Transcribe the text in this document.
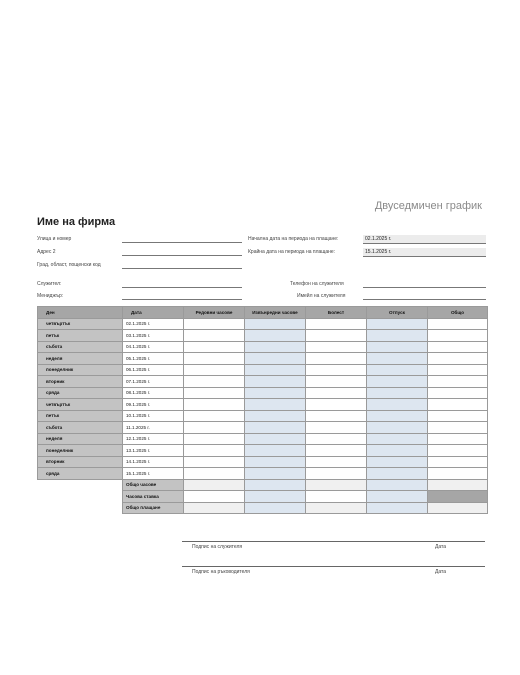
Двуседмичен график
Име на фирма
Улица и номер
Адрес 2
Град, област, пощенски код
Начална дата на периода на плащане:	02.1.2025 г.
Крайна дата на периода на плащане:	15.1.2025 г.
Служител:
Мениджър:
Телефон на служителя
Имейл на служителя
Ден	Дата	Редовни часове	Извънредни часове	Болест	Отпуск	Общо
четвъртък	02.1.2025 г.					
петък	03.1.2025 г.					
събота	04.1.2025 г.					
неделя	05.1.2025 г.					
понеделник	06.1.2025 г.					
вторник	07.1.2025 г.					
сряда	08.1.2025 г.					
четвъртък	09.1.2025 г.					
петък	10.1.2025 г.					
събота	11.1.2025 г.					
неделя	12.1.2025 г.					
понеделник	13.1.2025 г.					
вторник	14.1.2025 г.					
сряда	15.1.2025 г.					
	Общо часове					
	Часова ставка					
	Общо плащане					
Подпис на служителя	Дата
Подпис на ръководителя	Дата
